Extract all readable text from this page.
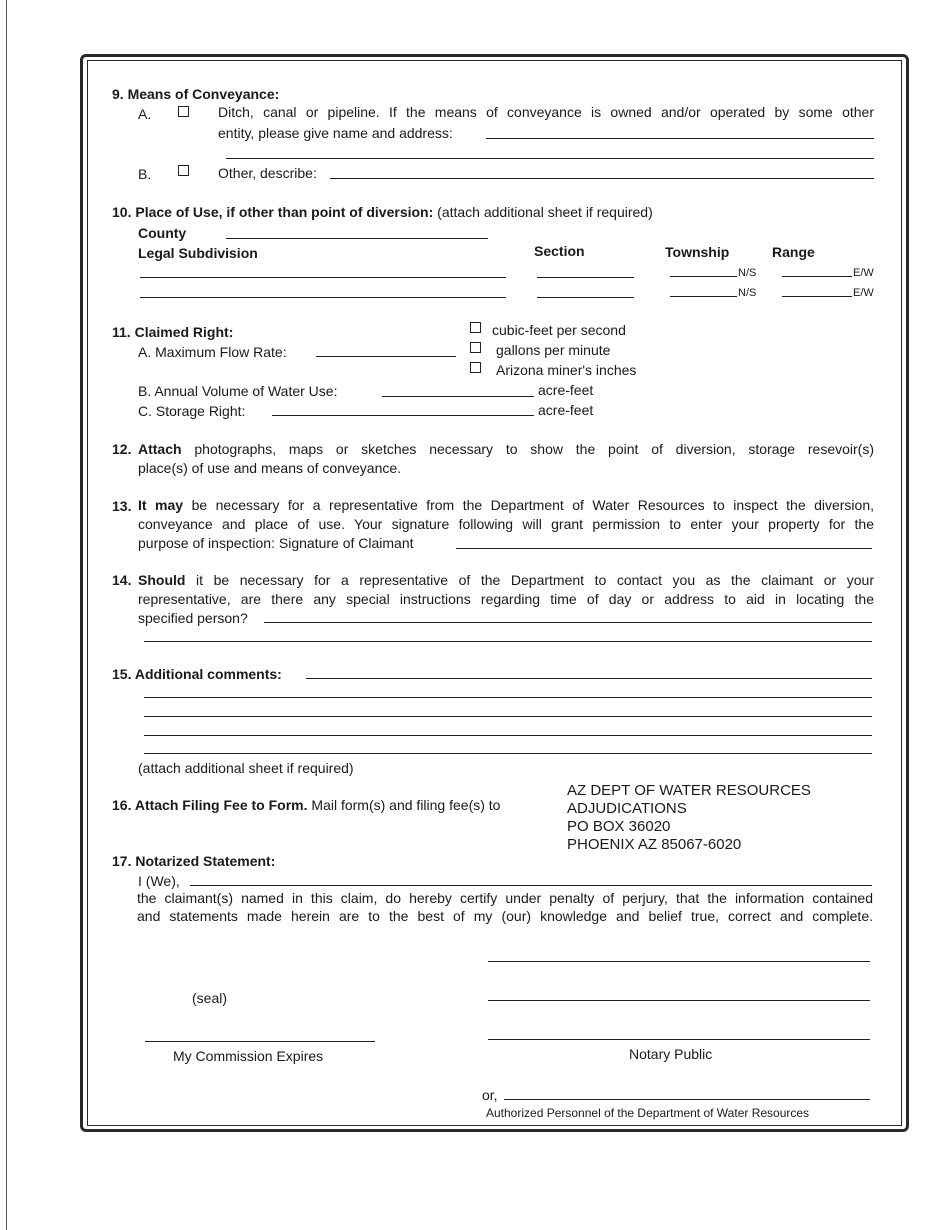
9. Means of Conveyance:
A.	Ditch, canal or pipeline. If the means of conveyance is owned and/or operated by some other
entity, please give name and address:
B.	Other, describe:
10. Place of Use, if other than point of diversion: (attach additional sheet if required)
County
Legal Subdivision	Section	Township	Range
N/S	E/W
N/S	E/W
11. Claimed Right:
A. Maximum Flow Rate:
cubic-feet per second
gallons per minute
Arizona miner's inches
B. Annual Volume of Water Use:	acre-feet
C. Storage Right:	acre-feet
12. Attach photographs, maps or sketches necessary to show the point of diversion, storage resevoir(s)
place(s) of use and means of conveyance.
13. It may be necessary for a representative from the Department of Water Resources to inspect the diversion,
conveyance and place of use. Your signature following will grant permission to enter your property for the
purpose of inspection: Signature of Claimant
14. Should it be necessary for a representative of the Department to contact you as the claimant or your
representative, are there any special instructions regarding time of day or address to aid in locating the
specified person?
15. Additional comments:
(attach additional sheet if required)
16. Attach Filing Fee to Form. Mail form(s) and filing fee(s) to
AZ DEPT OF WATER RESOURCES
ADJUDICATIONS
PO BOX 36020
PHOENIX AZ 85067-6020
17. Notarized Statement:
I (We),
the claimant(s) named in this claim, do hereby certify under penalty of perjury, that the information contained
and statements made herein are to the best of my (our) knowledge and belief true, correct and complete.
(seal)
My Commission Expires	Notary Public
or,
Authorized Personnel of the Department of Water Resources
